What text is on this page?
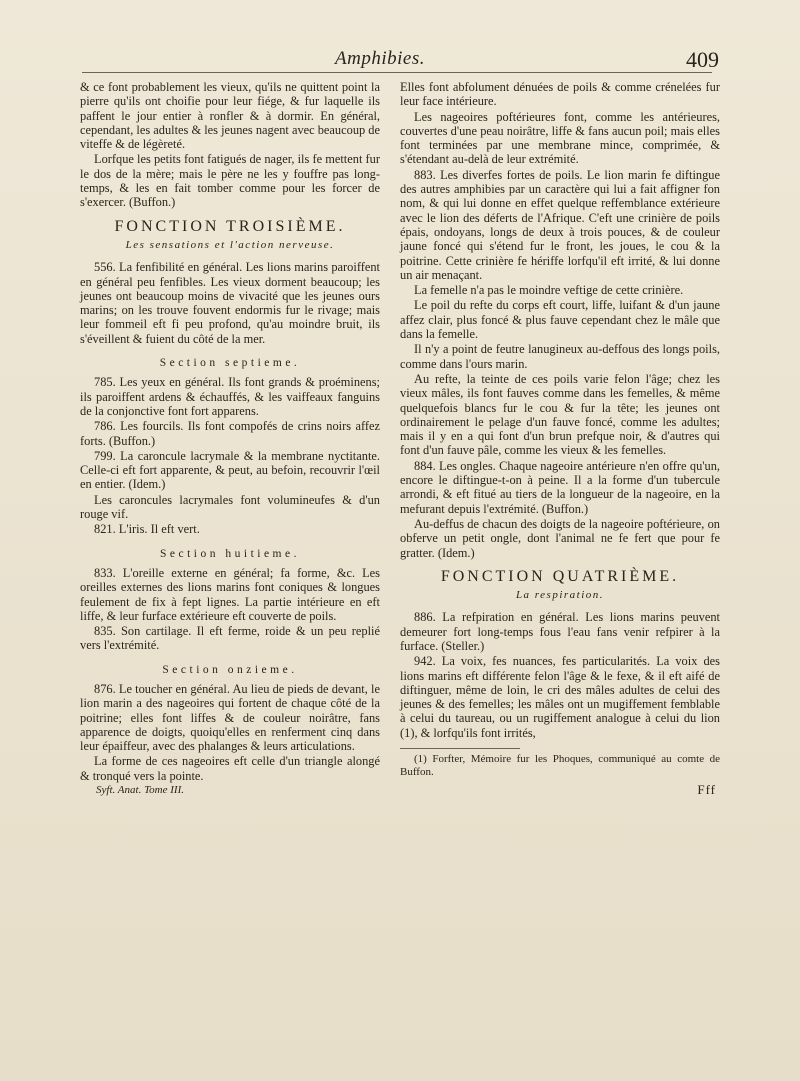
Amphibies.	409

& ce font probablement les vieux, qu'ils ne quittent point la pierre qu'ils ont choifie pour leur fiége, & fur laquelle ils paffent le jour entier à ronfler & à dormir. En général, cependant, les adultes & les jeunes nagent avec beaucoup de viteffe & de légèreté.

Lorfque les petits font fatigués de nager, ils fe mettent fur le dos de la mère; mais le père ne les y fouffre pas long-temps, & les en fait tomber comme pour les forcer de s'exercer. (Buffon.)

FONCTION TROISIÈME.
Les sensations et l'action nerveuse.

556. La fenfibilité en général. Les lions marins paroiffent en général peu fenfibles. Les vieux dorment beaucoup; les jeunes ont beaucoup moins de vivacité que les jeunes ours marins; on les trouve fouvent endormis fur le rivage; mais leur fommeil eft fi peu profond, qu'au moindre bruit, ils s'éveillent & fuient du côté de la mer.

Section septieme.

785. Les yeux en général. Ils font grands & proéminens; ils paroiffent ardens & échauffés, & les vaiffeaux fanguins de la conjonctive font fort apparens.

786. Les fourcils. Ils font compofés de crins noirs affez forts. (Buffon.)

799. La caroncule lacrymale & la membrane nyctitante. Celle-ci eft fort apparente, & peut, au befoin, recouvrir l'œil en entier. (Idem.)

Les caroncules lacrymales font volumineufes & d'un rouge vif.

821. L'iris. Il eft vert.

Section huitieme.

833. L'oreille externe en général; fa forme, &c. Les oreilles externes des lions marins font coniques & longues feulement de fix à fept lignes. La partie intérieure en eft liffe, & leur furface extérieure eft couverte de poils.

835. Son cartilage. Il eft ferme, roide & un peu replié vers l'extrémité.

Section onzieme.

876. Le toucher en général. Au lieu de pieds de devant, le lion marin a des nageoires qui fortent de chaque côté de la poitrine; elles font liffes & de couleur noirâtre, fans apparence de doigts, quoiqu'elles en renferment cinq dans leur épaiffeur, avec des phalanges & leurs articulations.

La forme de ces nageoires eft celle d'un triangle alongé & tronqué vers la pointe.

Syft. Anat. Tome III.

Elles font abfolument dénuées de poils & comme crénelées fur leur face intérieure.

Les nageoires poftérieures font, comme les antérieures, couvertes d'une peau noirâtre, liffe & fans aucun poil; mais elles font terminées par une membrane mince, comprimée, & s'étendant au-delà de leur extrémité.

883. Les diverfes fortes de poils. Le lion marin fe diftingue des autres amphibies par un caractère qui lui a fait affigner fon nom, & qui lui donne en effet quelque reffemblance extérieure avec le lion des déferts de l'Afrique. C'eft une crinière de poils épais, ondoyans, longs de deux à trois pouces, & de couleur jaune foncé qui s'étend fur le front, les joues, le cou & la poitrine. Cette crinière fe hériffe lorfqu'il eft irrité, & lui donne un air menaçant.

La femelle n'a pas le moindre veftige de cette crinière.

Le poil du refte du corps eft court, liffe, luifant & d'un jaune affez clair, plus foncé & plus fauve cependant chez le mâle que dans la femelle.

Il n'y a point de feutre lanugineux au-deffous des longs poils, comme dans l'ours marin.

Au refte, la teinte de ces poils varie felon l'âge; chez les vieux mâles, ils font fauves comme dans les femelles, & même quelquefois blancs fur le cou & fur la tête; les jeunes ont ordinairement le pelage d'un fauve foncé, comme les adultes; mais il y en a qui font d'un brun prefque noir, & d'autres qui font d'un fauve pâle, comme les vieux & les femelles.

884. Les ongles. Chaque nageoire antérieure n'en offre qu'un, encore le diftingue-t-on à peine. Il a la forme d'un tubercule arrondi, & eft fitué au tiers de la longueur de la nageoire, en la mefurant depuis l'extrémité. (Buffon.)

Au-deffus de chacun des doigts de la nageoire poftérieure, on obferve un petit ongle, dont l'animal ne fe fert que pour fe gratter. (Idem.)

FONCTION QUATRIÈME.
La respiration.

886. La refpiration en général. Les lions marins peuvent demeurer fort long-temps fous l'eau fans venir refpirer à la furface. (Steller.)

942. La voix, fes nuances, fes particularités. La voix des lions marins eft différente felon l'âge & le fexe, & il eft aifé de diftinguer, même de loin, le cri des mâles adultes de celui des jeunes & des femelles; les mâles ont un mugiffement femblable à celui du taureau, ou un rugiffement analogue à celui du lion (1), & lorfqu'ils font irrités,

(1) Forfter, Mémoire fur les Phoques, communiqué au comte de Buffon.

Fff
